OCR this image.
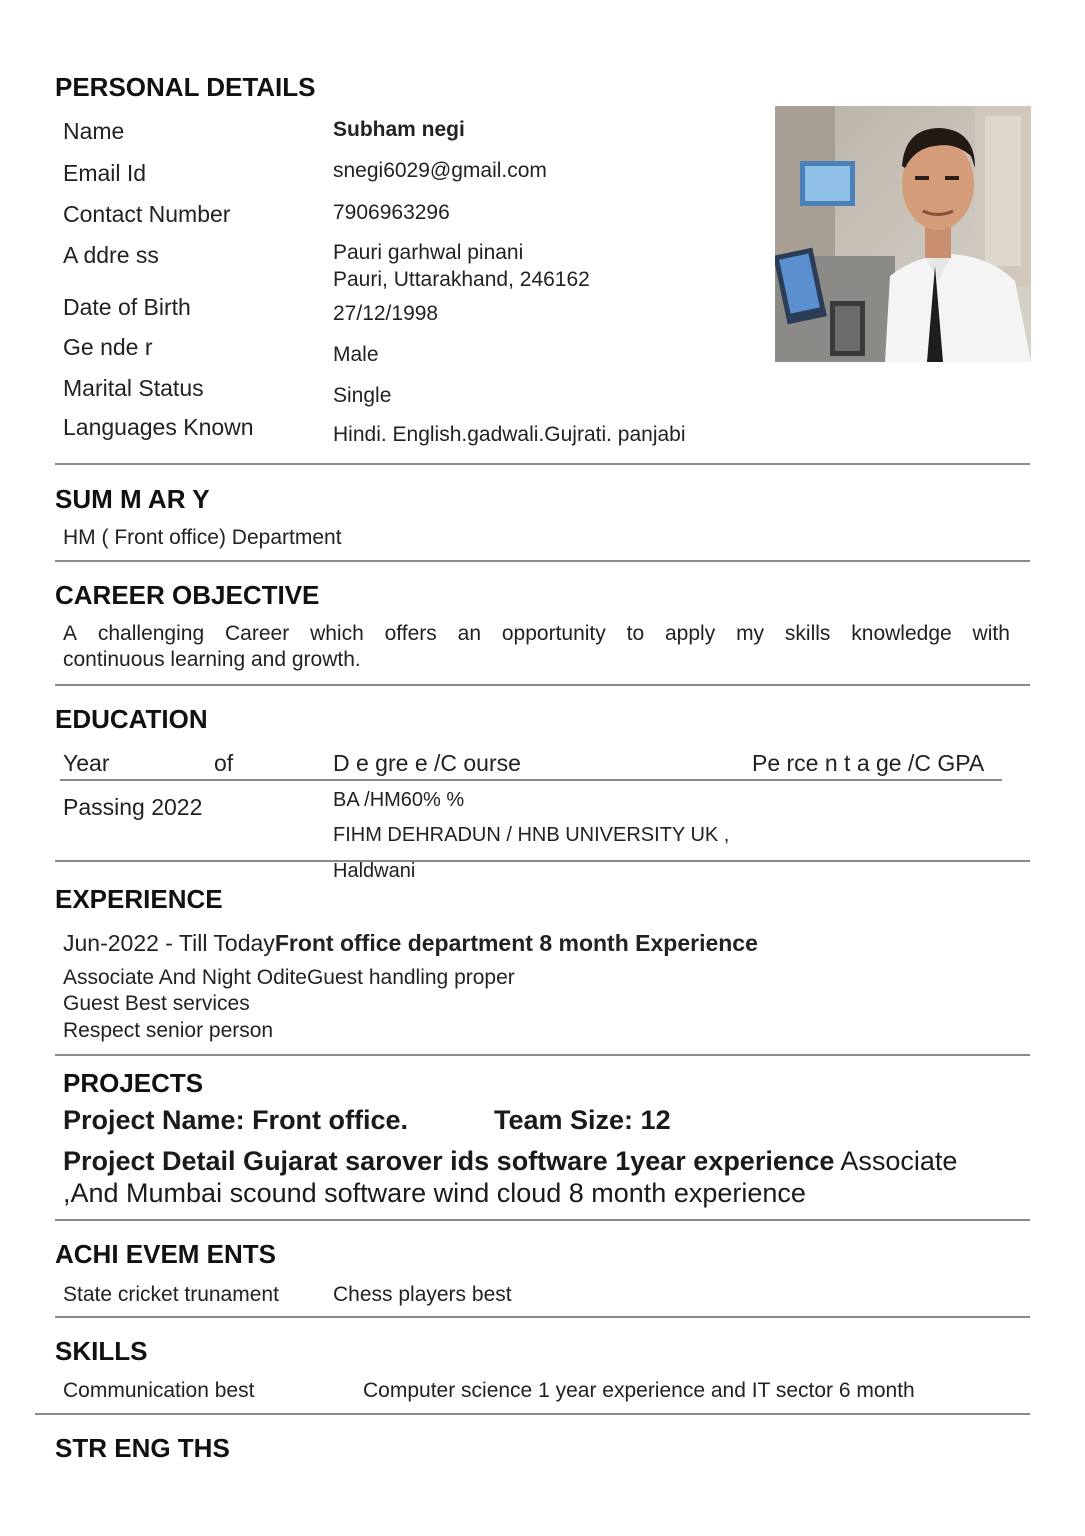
PERSONAL DETAILS
Name	Subham negi
Email Id	snegi6029@gmail.com
Contact Number	7906963296
A ddre ss	Pauri garhwal pinani
Pauri, Uttarakhand, 246162
Date of Birth	27/12/1998
Ge nde r	Male
Marital Status	Single
Languages Known	Hindi. English.gadwali.Gujrati. panjabi
SUM M AR Y
HM ( Front office) Department
CAREER OBJECTIVE
A challenging Career which offers an opportunity to apply my skills knowledge with
continuous learning and growth.
EDUCATION
Year	of	D e gre e /C ourse	Pe rce n t a ge /C GPA
Passing 2022	BA /HM60% %
FIHM DEHRADUN / HNB UNIVERSITY UK ,
Haldwani
EXPERIENCE
Jun-2022 - Till TodayFront office department 8 month Experience
Associate And Night OditeGuest handling proper
Guest Best services
Respect senior person
PROJECTS
Project Name: Front office.	Team Size: 12
Project Detail Gujarat sarover ids software 1year experience Associate
,And Mumbai scound software wind cloud 8 month experience
ACHI EVEM ENTS
State cricket trunament	Chess players best
SKILLS
Communication best	Computer science 1 year experience and IT sector 6 month
STR ENG THS
